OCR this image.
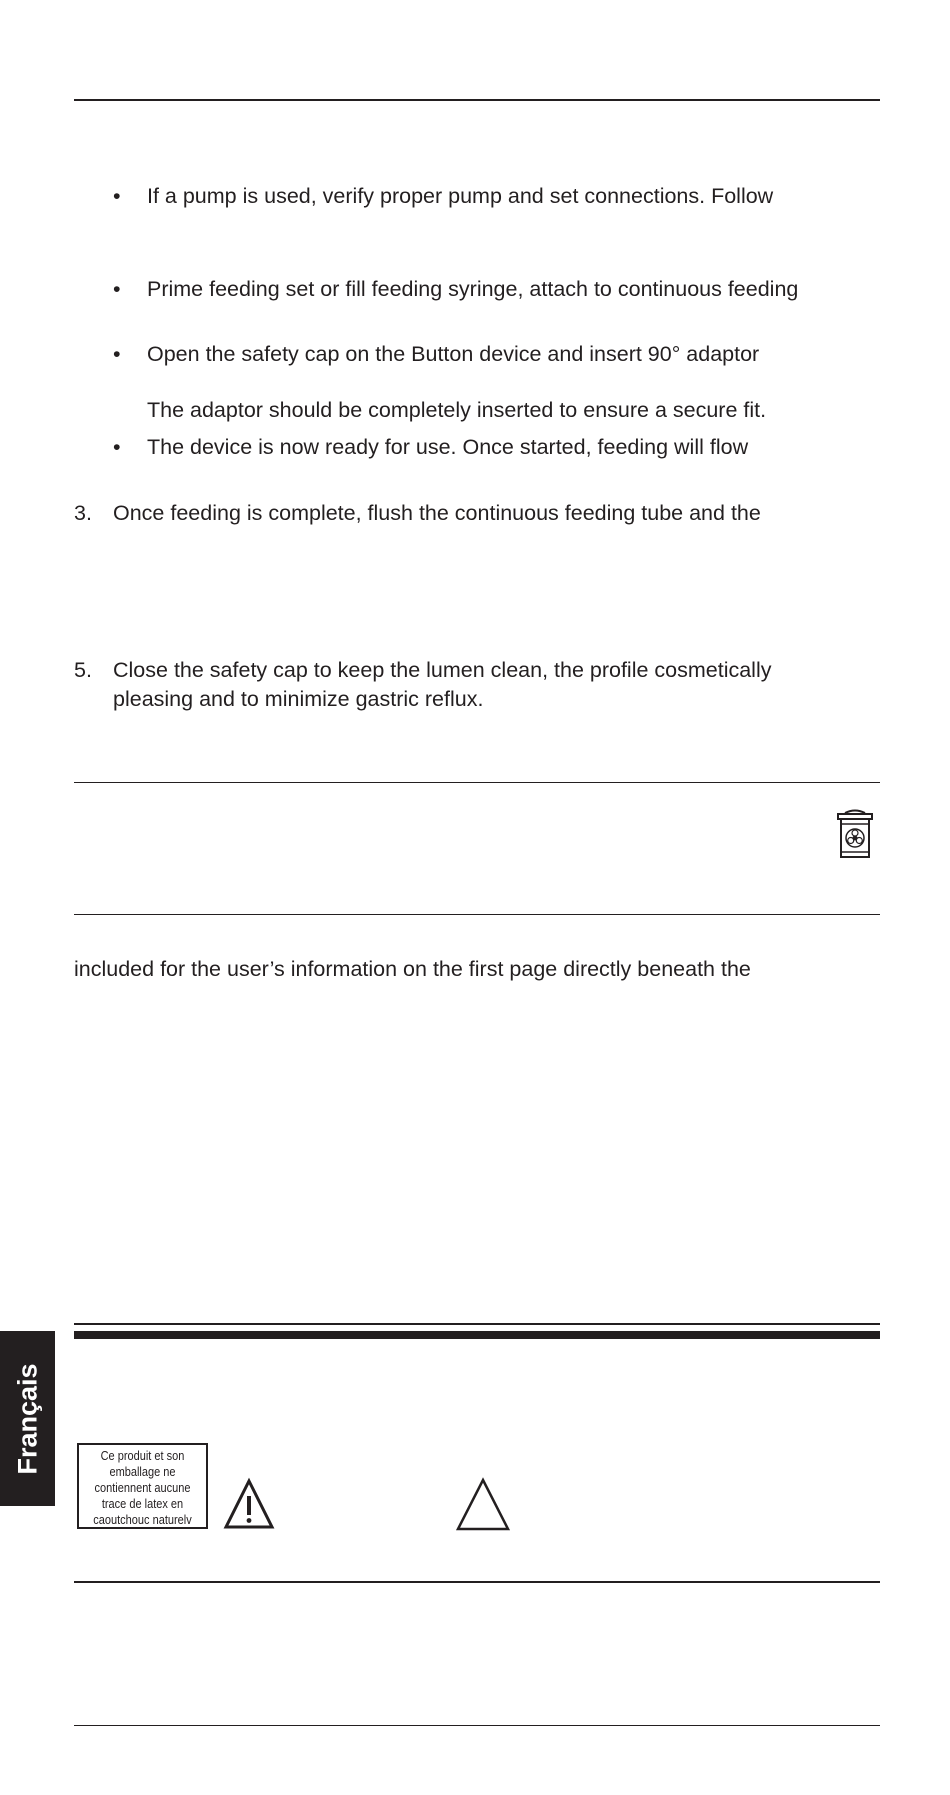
• If a pump is used, verify proper pump and set connections. Follow
• Prime feeding set or fill feeding syringe, attach to continuous feeding
• Open the safety cap on the Button device and insert 90° adaptor
The adaptor should be completely inserted to ensure a secure fit.
• The device is now ready for use. Once started, feeding will flow
3. Once feeding is complete, flush the continuous feeding tube and the
5. Close the safety cap to keep the lumen clean, the profile cosmetically
pleasing and to minimize gastric reflux.
included for the user’s information on the first page directly beneath the
Français	Ce produit et son
emballage ne
contiennent aucune
trace de latex en
caoutchouc naturelv
